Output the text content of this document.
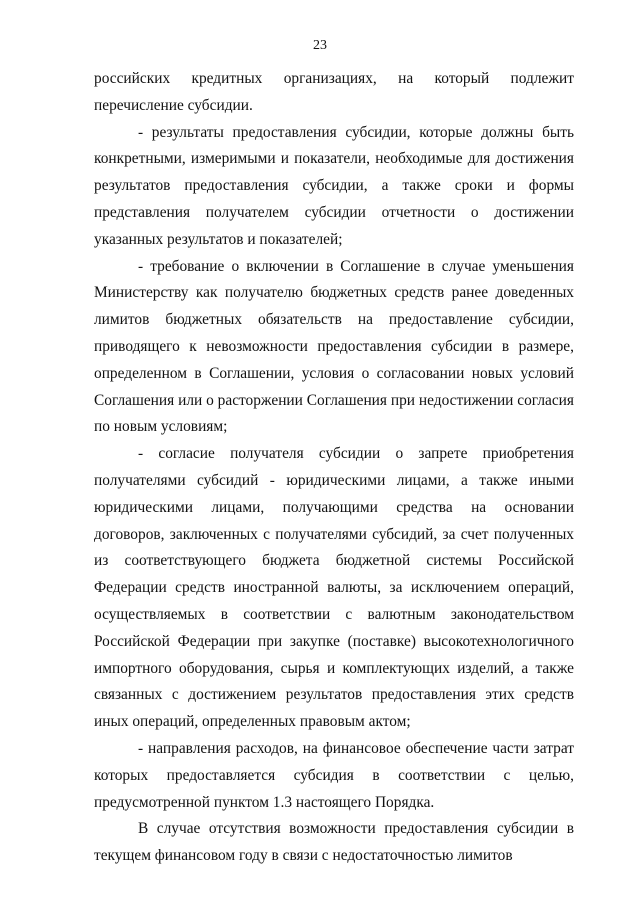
23

российских кредитных организациях, на который подлежит перечисление субсидии.

- результаты предоставления субсидии, которые должны быть конкретными, измеримыми и показатели, необходимые для достижения результатов предоставления субсидии, а также сроки и формы представления получателем субсидии отчетности о достижении указанных результатов и показателей;

- требование о включении в Соглашение в случае уменьшения Министерству как получателю бюджетных средств ранее доведенных лимитов бюджетных обязательств на предоставление субсидии, приводящего к невозможности предоставления субсидии в размере, определенном в Соглашении, условия о согласовании новых условий Соглашения или о расторжении Соглашения при недостижении согласия по новым условиям;

- согласие получателя субсидии о запрете приобретения получателями субсидий - юридическими лицами, а также иными юридическими лицами, получающими средства на основании договоров, заключенных с получателями субсидий, за счет полученных из соответствующего бюджета бюджетной системы Российской Федерации средств иностранной валюты, за исключением операций, осуществляемых в соответствии с валютным законодательством Российской Федерации при закупке (поставке) высокотехнологичного импортного оборудования, сырья и комплектующих изделий, а также связанных с достижением результатов предоставления этих средств иных операций, определенных правовым актом;

- направления расходов, на финансовое обеспечение части затрат которых предоставляется субсидия в соответствии с целью, предусмотренной пунктом 1.3 настоящего Порядка.

В случае отсутствия возможности предоставления субсидии в текущем финансовом году в связи с недостаточностью лимитов
